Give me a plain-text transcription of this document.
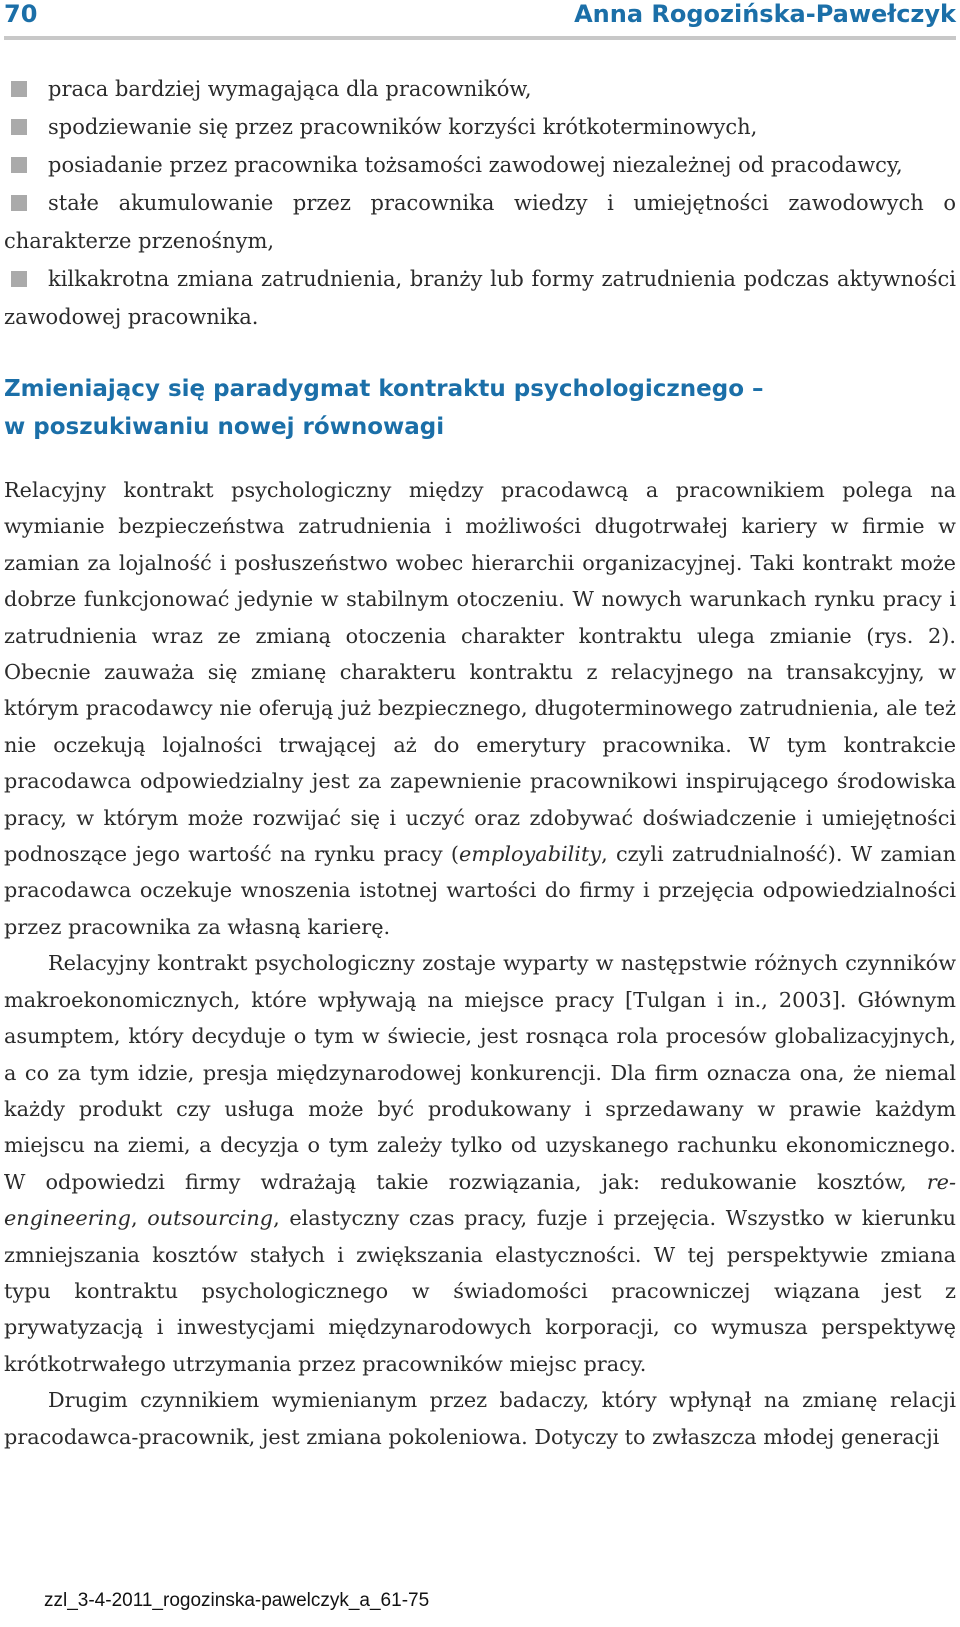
70	Anna Rogozińska-Pawełczyk
praca bardziej wymagająca dla pracowników,
spodziewanie się przez pracowników korzyści krótkoterminowych,
posiadanie przez pracownika tożsamości zawodowej niezależnej od pracodawcy,
stałe akumulowanie przez pracownika wiedzy i umiejętności zawodowych o charakterze przenośnym,
kilkakrotna zmiana zatrudnienia, branży lub formy zatrudnienia podczas aktywności zawodowej pracownika.
Zmieniający się paradygmat kontraktu psychologicznego –
w poszukiwaniu nowej równowagi

Relacyjny kontrakt psychologiczny między pracodawcą a pracownikiem polega na wymianie bezpieczeństwa zatrudnienia i możliwości długotrwałej kariery w firmie w zamian za lojalność i posłuszeństwo wobec hierarchii organizacyjnej. Taki kontrakt może dobrze funkcjonować jedynie w stabilnym otoczeniu. W nowych warunkach rynku pracy i zatrudnienia wraz ze zmianą otoczenia charakter kontraktu ulega zmianie (rys. 2). Obecnie zauważa się zmianę charakteru kontraktu z relacyjnego na transakcyjny, w którym pracodawcy nie oferują już bezpiecznego, długoterminowego zatrudnienia, ale też nie oczekują lojalności trwającej aż do emerytury pracownika. W tym kontrakcie pracodawca odpowiedzialny jest za zapewnienie pracownikowi inspirującego środowiska pracy, w którym może rozwijać się i uczyć oraz zdobywać doświadczenie i umiejętności podnoszące jego wartość na rynku pracy (employability, czyli zatrudnialność). W zamian pracodawca oczekuje wnoszenia istotnej wartości do firmy i przejęcia odpowiedzialności przez pracownika za własną karierę.

Relacyjny kontrakt psychologiczny zostaje wyparty w następstwie różnych czynników makroekonomicznych, które wpływają na miejsce pracy [Tulgan i in., 2003]. Głównym asumptem, który decyduje o tym w świecie, jest rosnąca rola procesów globalizacyjnych, a co za tym idzie, presja międzynarodowej konkurencji. Dla firm oznacza ona, że niemal każdy produkt czy usługa może być produkowany i sprzedawany w prawie każdym miejscu na ziemi, a decyzja o tym zależy tylko od uzyskanego rachunku ekonomicznego. W odpowiedzi firmy wdrażają takie rozwiązania, jak: redukowanie kosztów, re-engineering, outsourcing, elastyczny czas pracy, fuzje i przejęcia. Wszystko w kierunku zmniejszania kosztów stałych i zwiększania elastyczności. W tej perspektywie zmiana typu kontraktu psychologicznego w świadomości pracowniczej wiązana jest z prywatyzacją i inwestycjami międzynarodowych korporacji, co wymusza perspektywę krótkotrwałego utrzymania przez pracowników miejsc pracy.

Drugim czynnikiem wymienianym przez badaczy, który wpłynął na zmianę relacji pracodawca-pracownik, jest zmiana pokoleniowa. Dotyczy to zwłaszcza młodej generacji

zzl_3-4-2011_rogozinska-pawelczyk_a_61-75
